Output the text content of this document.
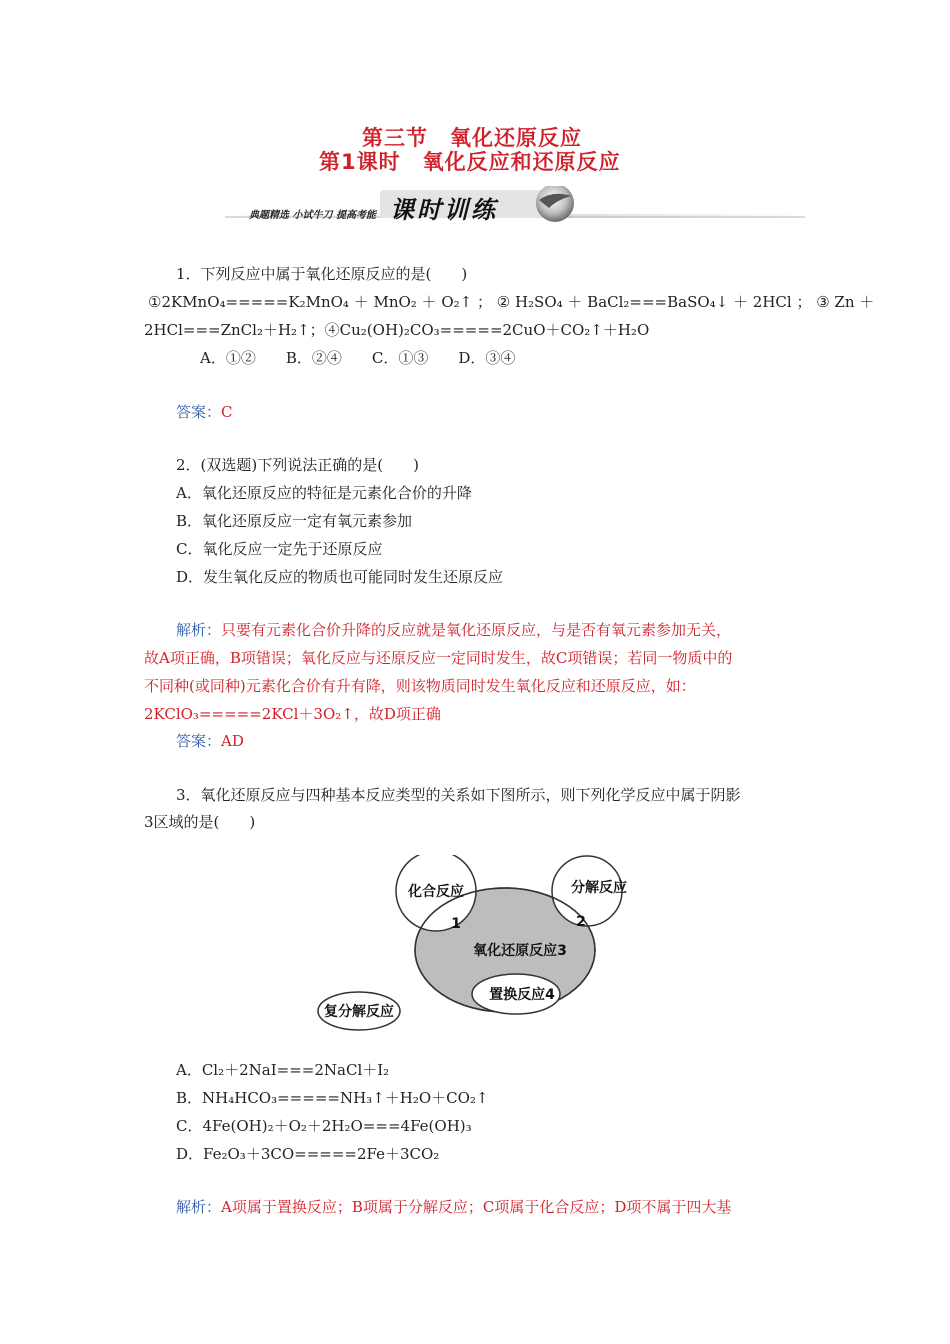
第三节　氧化还原反应
第1课时　氧化反应和还原反应
典题精选 小试牛刀 提高考能 课时训练
1．下列反应中属于氧化还原反应的是(　　)
①2KMnO₄=====K₂MnO₄ ＋ MnO₂ ＋ O₂↑ ； ② H₂SO₄ ＋ BaCl₂===BaSO₄↓ ＋ 2HCl ； ③ Zn ＋
2HCl===ZnCl₂＋H₂↑；④Cu₂(OH)₂CO₃=====2CuO＋CO₂↑＋H₂O
A．①②　　B．②④　　C．①③　　D．③④
答案：C
2．(双选题)下列说法正确的是(　　)
A．氧化还原反应的特征是元素化合价的升降
B．氧化还原反应一定有氧元素参加
C．氧化反应一定先于还原反应
D．发生氧化反应的物质也可能同时发生还原反应
解析：只要有元素化合价升降的反应就是氧化还原反应，与是否有氧元素参加无关，
故A项正确，B项错误；氧化反应与还原反应一定同时发生，故C项错误；若同一物质中的
不同种(或同种)元素化合价有升有降，则该物质同时发生氧化反应和还原反应，如：
2KClO₃=====2KCl＋3O₂↑，故D项正确
答案：AD
3．氧化还原反应与四种基本反应类型的关系如下图所示，则下列化学反应中属于阴影
3区域的是(　　)
化合反应	分解反应
1	2
氧化还原反应3
置换反应4
复分解反应
A．Cl₂＋2NaI===2NaCl＋I₂
B．NH₄HCO₃=====NH₃↑＋H₂O＋CO₂↑
C．4Fe(OH)₂＋O₂＋2H₂O===4Fe(OH)₃
D．Fe₂O₃＋3CO=====2Fe＋3CO₂
解析：A项属于置换反应；B项属于分解反应；C项属于化合反应；D项不属于四大基
